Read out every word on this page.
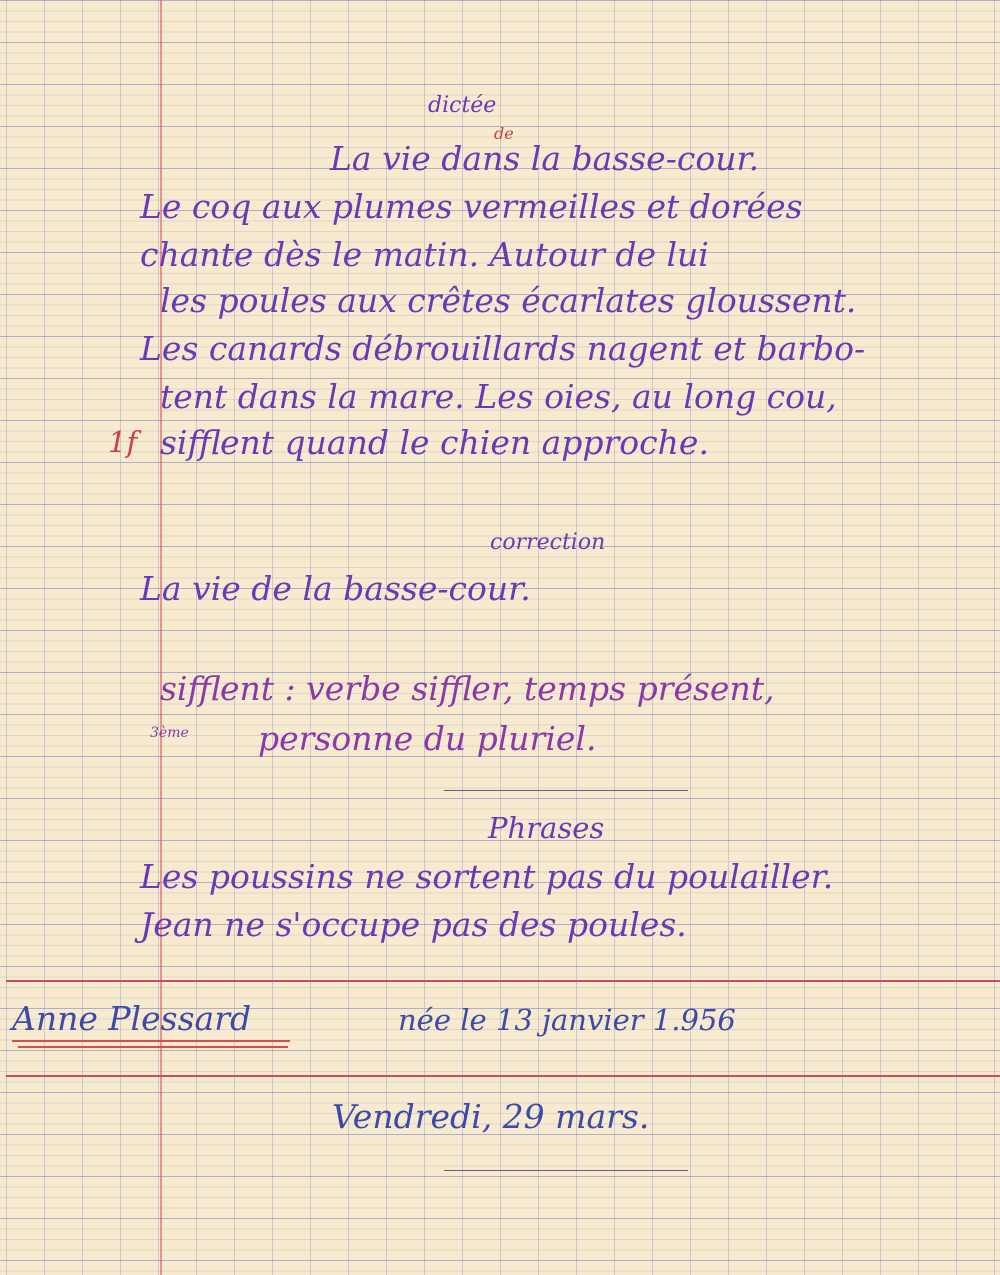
dictée
de
La vie dans la basse-cour.
Le coq aux plumes vermeilles et dorées
chante dès le matin. Autour de lui
les poules aux crêtes écarlates gloussent.
Les canards débrouillards nagent et barbo-
tent dans la mare. Les oies, au long cou,
1f sifflent quand le chien approche.
correction
La vie de la basse-cour.
sifflent : verbe siffler, temps présent,
3ème personne du pluriel.
Phrases
Les poussins ne sortent pas du poulailler.
Jean ne s'occupe pas des poules.
Anne Plessard	née le 13 janvier 1.956
Vendredi, 29 mars.
